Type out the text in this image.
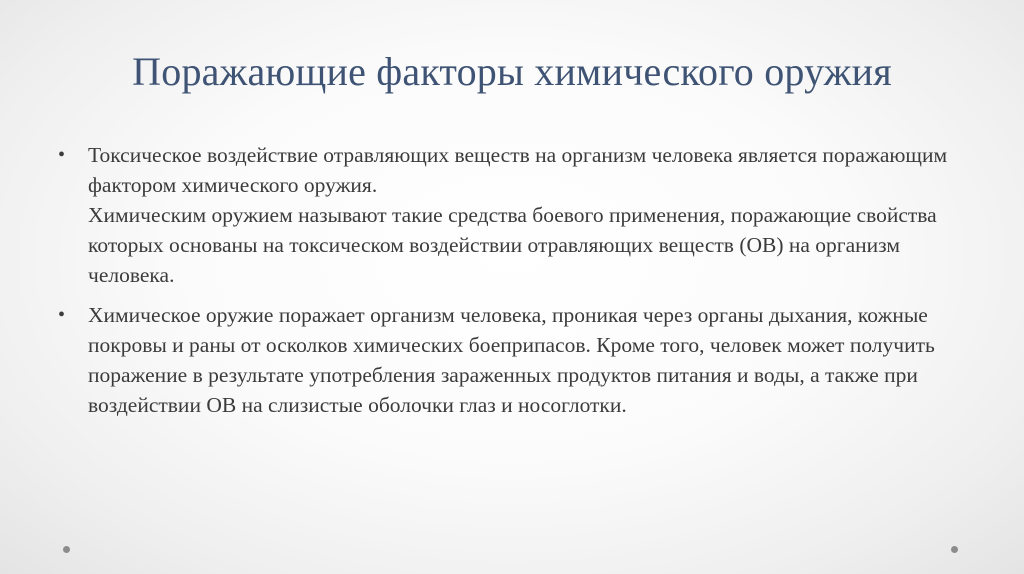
Поражающие факторы химического оружия
• Токсическое воздействие отравляющих веществ на организм человека является поражающим фактором химического оружия.

Химическим оружием называют такие средства боевого применения, поражающие свойства которых основаны на токсическом воздействии отравляющих веществ (ОВ) на организм человека.

• Химическое оружие поражает организм человека, проникая через органы дыхания, кожные покровы и раны от осколков химических боеприпасов. Кроме того, человек может получить поражение в результате употребления зараженных продуктов питания и воды, а также при воздействии ОВ на слизистые оболочки глаз и носоглотки.
